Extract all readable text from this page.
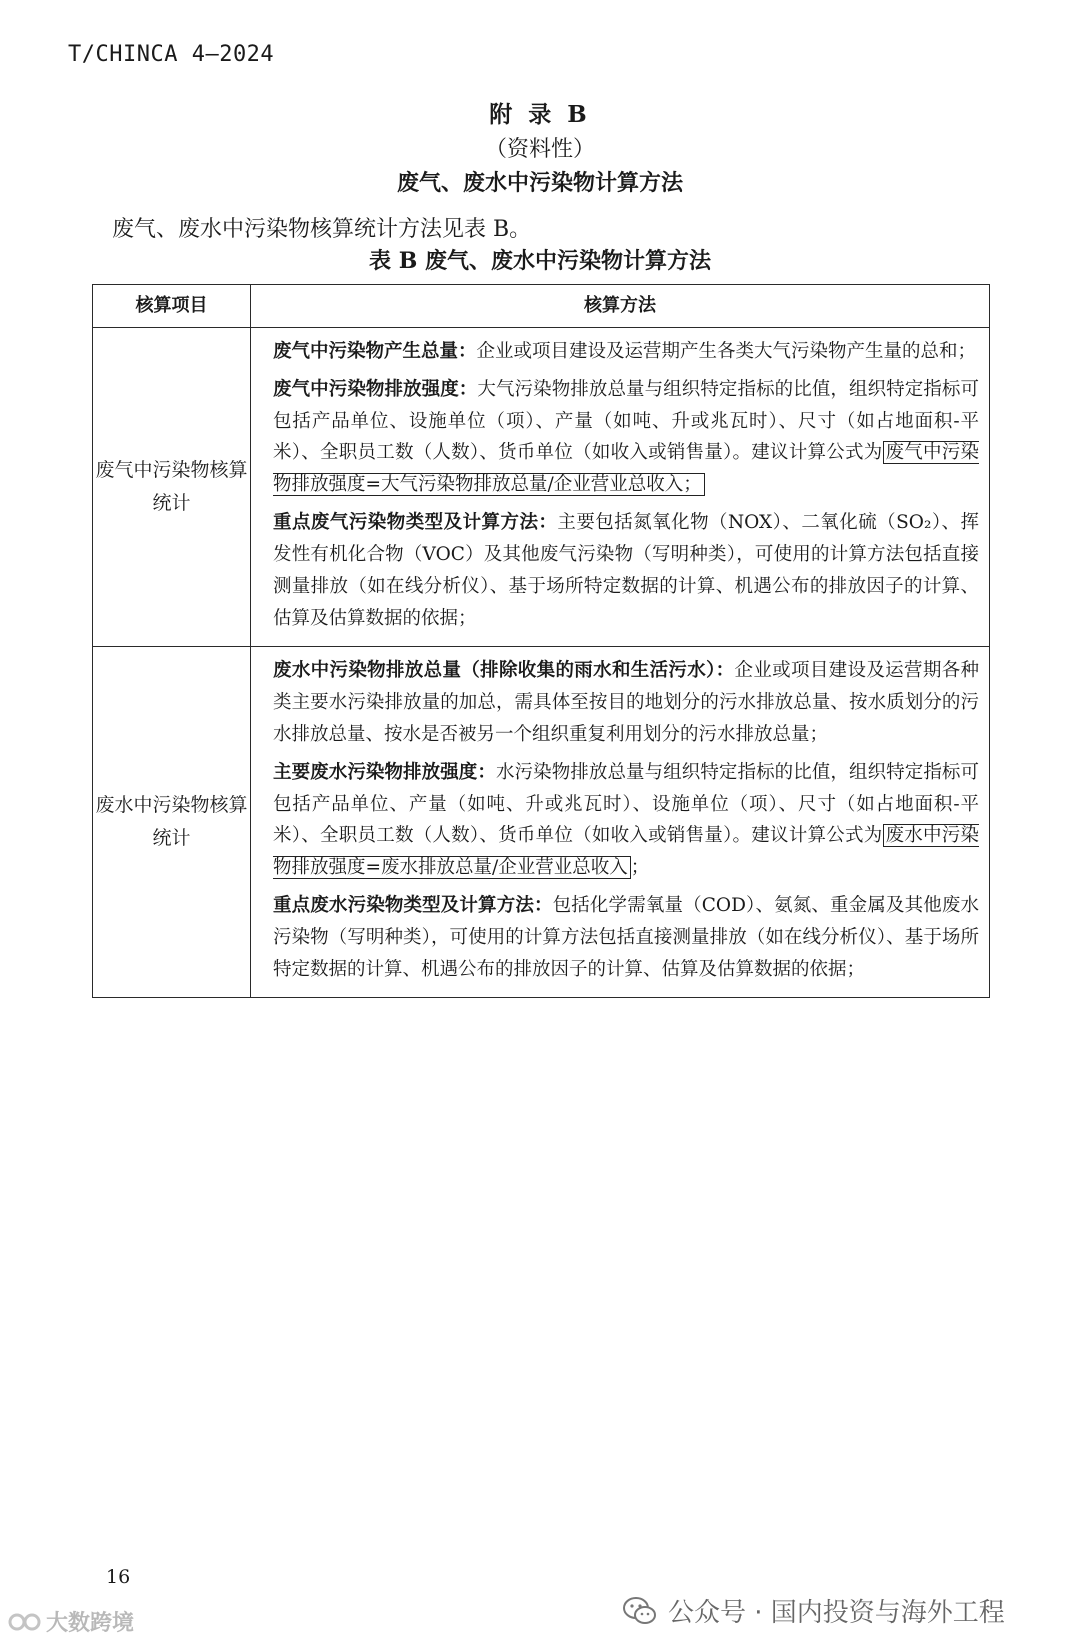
T/CHINCA 4—2024
附 录 B
（资料性）
废气、废水中污染物计算方法
废气、废水中污染物核算统计方法见表 B。
表 B 废气、废水中污染物计算方法
核算项目	核算方法
废气中污染物核算统计	废气中污染物产生总量：企业或项目建设及运营期产生各类大气污染物产生量的总和；
废气中污染物排放强度：大气污染物排放总量与组织特定指标的比值，组织特定指标可包括产品单位、设施单位（项）、产量（如吨、升或兆瓦时）、尺寸（如占地面积-平米）、全职员工数（人数）、货币单位（如收入或销售量）。建议计算公式为 废气中污染物排放强度=大气污染物排放总量/企业营业总收入；
重点废气污染物类型及计算方法：主要包括氮氧化物（NOX）、二氧化硫（SO₂）、挥发性有机化合物（VOC）及其他废气污染物（写明种类），可使用的计算方法包括直接测量排放（如在线分析仪）、基于场所特定数据的计算、机遇公布的排放因子的计算、估算及估算数据的依据；

废水中污染物核算统计	废水中污染物排放总量（排除收集的雨水和生活污水）：企业或项目建设及运营期各种类主要水污染排放量的加总，需具体至按目的地划分的污水排放总量、按水质划分的污水排放总量、按水是否被另一个组织重复利用划分的污水排放总量；
主要废水污染物排放强度：水污染物排放总量与组织特定指标的比值，组织特定指标可包括产品单位、产量（如吨、升或兆瓦时）、设施单位（项）、尺寸（如占地面积-平米）、全职员工数（人数）、货币单位（如收入或销售量）。建议计算公式为 废水中污染物排放强度=废水排放总量/企业营业总收入 ；
重点废水污染物类型及计算方法：包括化学需氧量（COD）、氨氮、重金属及其他废水污染物（写明种类），可使用的计算方法包括直接测量排放（如在线分析仪）、基于场所特定数据的计算、机遇公布的排放因子的计算、估算及估算数据的依据；
16
公众号 · 国内投资与海外工程
大数跨境
